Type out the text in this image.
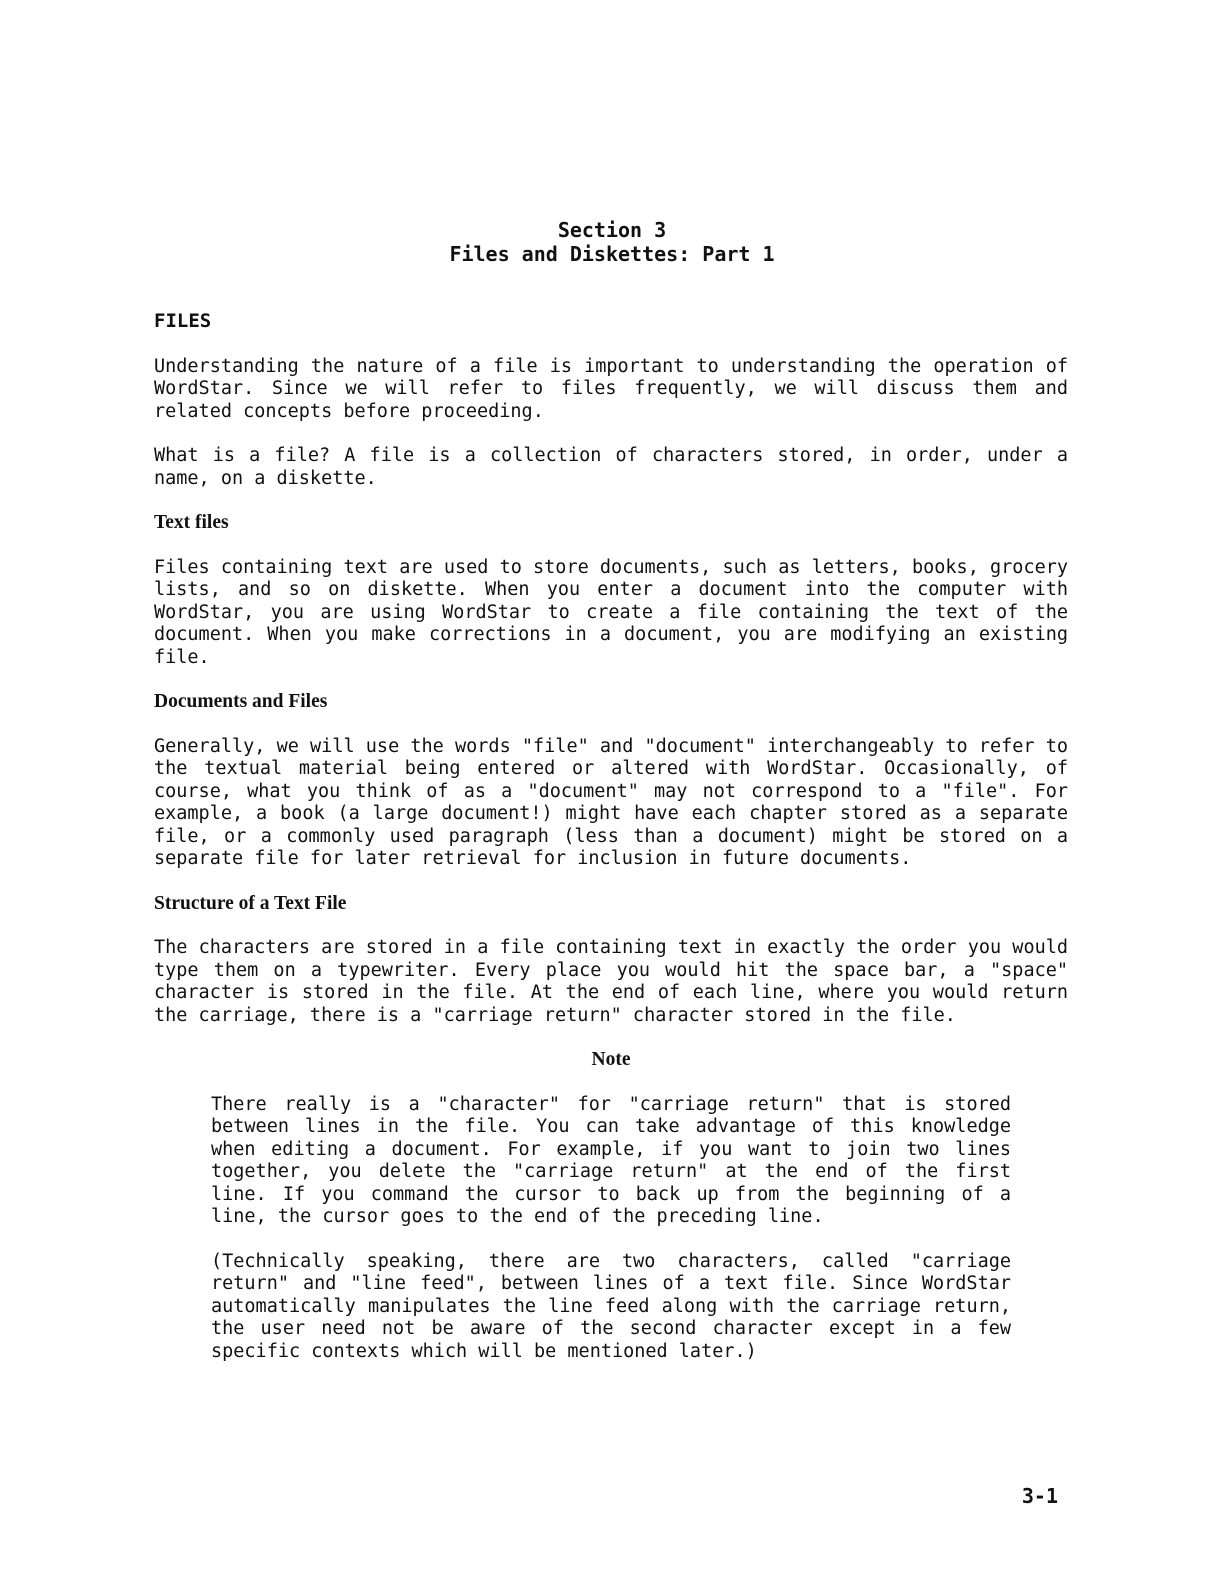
Section 3
Files and Diskettes: Part 1
FILES

Understanding the nature of a file is important to understanding the operation of WordStar. Since we will refer to files frequently, we will discuss them and related concepts before proceeding.

What is a file? A file is a collection of characters stored, in order, under a name, on a diskette.

Text files

Files containing text are used to store documents, such as letters, books, grocery lists, and so on diskette. When you enter a document into the computer with WordStar, you are using WordStar to create a file containing the text of the document. When you make corrections in a document, you are modifying an existing file.

Documents and Files

Generally, we will use the words "file" and "document" interchangeably to refer to the textual material being entered or altered with WordStar. Occasionally, of course, what you think of as a "document" may not correspond to a "file". For example, a book (a large document!) might have each chapter stored as a separate file, or a commonly used paragraph (less than a document) might be stored on a separate file for later retrieval for inclusion in future documents.

Structure of a Text File

The characters are stored in a file containing text in exactly the order you would type them on a typewriter. Every place you would hit the space bar, a "space" character is stored in the file. At the end of each line, where you would return the carriage, there is a "carriage return" character stored in the file.

Note

There really is a "character" for "carriage return" that is stored between lines in the file. You can take advantage of this knowledge when editing a document. For example, if you want to join two lines together, you delete the "carriage return" at the end of the first line. If you command the cursor to back up from the beginning of a line, the cursor goes to the end of the preceding line.

(Technically speaking, there are two characters, called "carriage return" and "line feed", between lines of a text file. Since WordStar automatically manipulates the line feed along with the carriage return, the user need not be aware of the second character except in a few specific contexts which will be mentioned later.)

3-1
